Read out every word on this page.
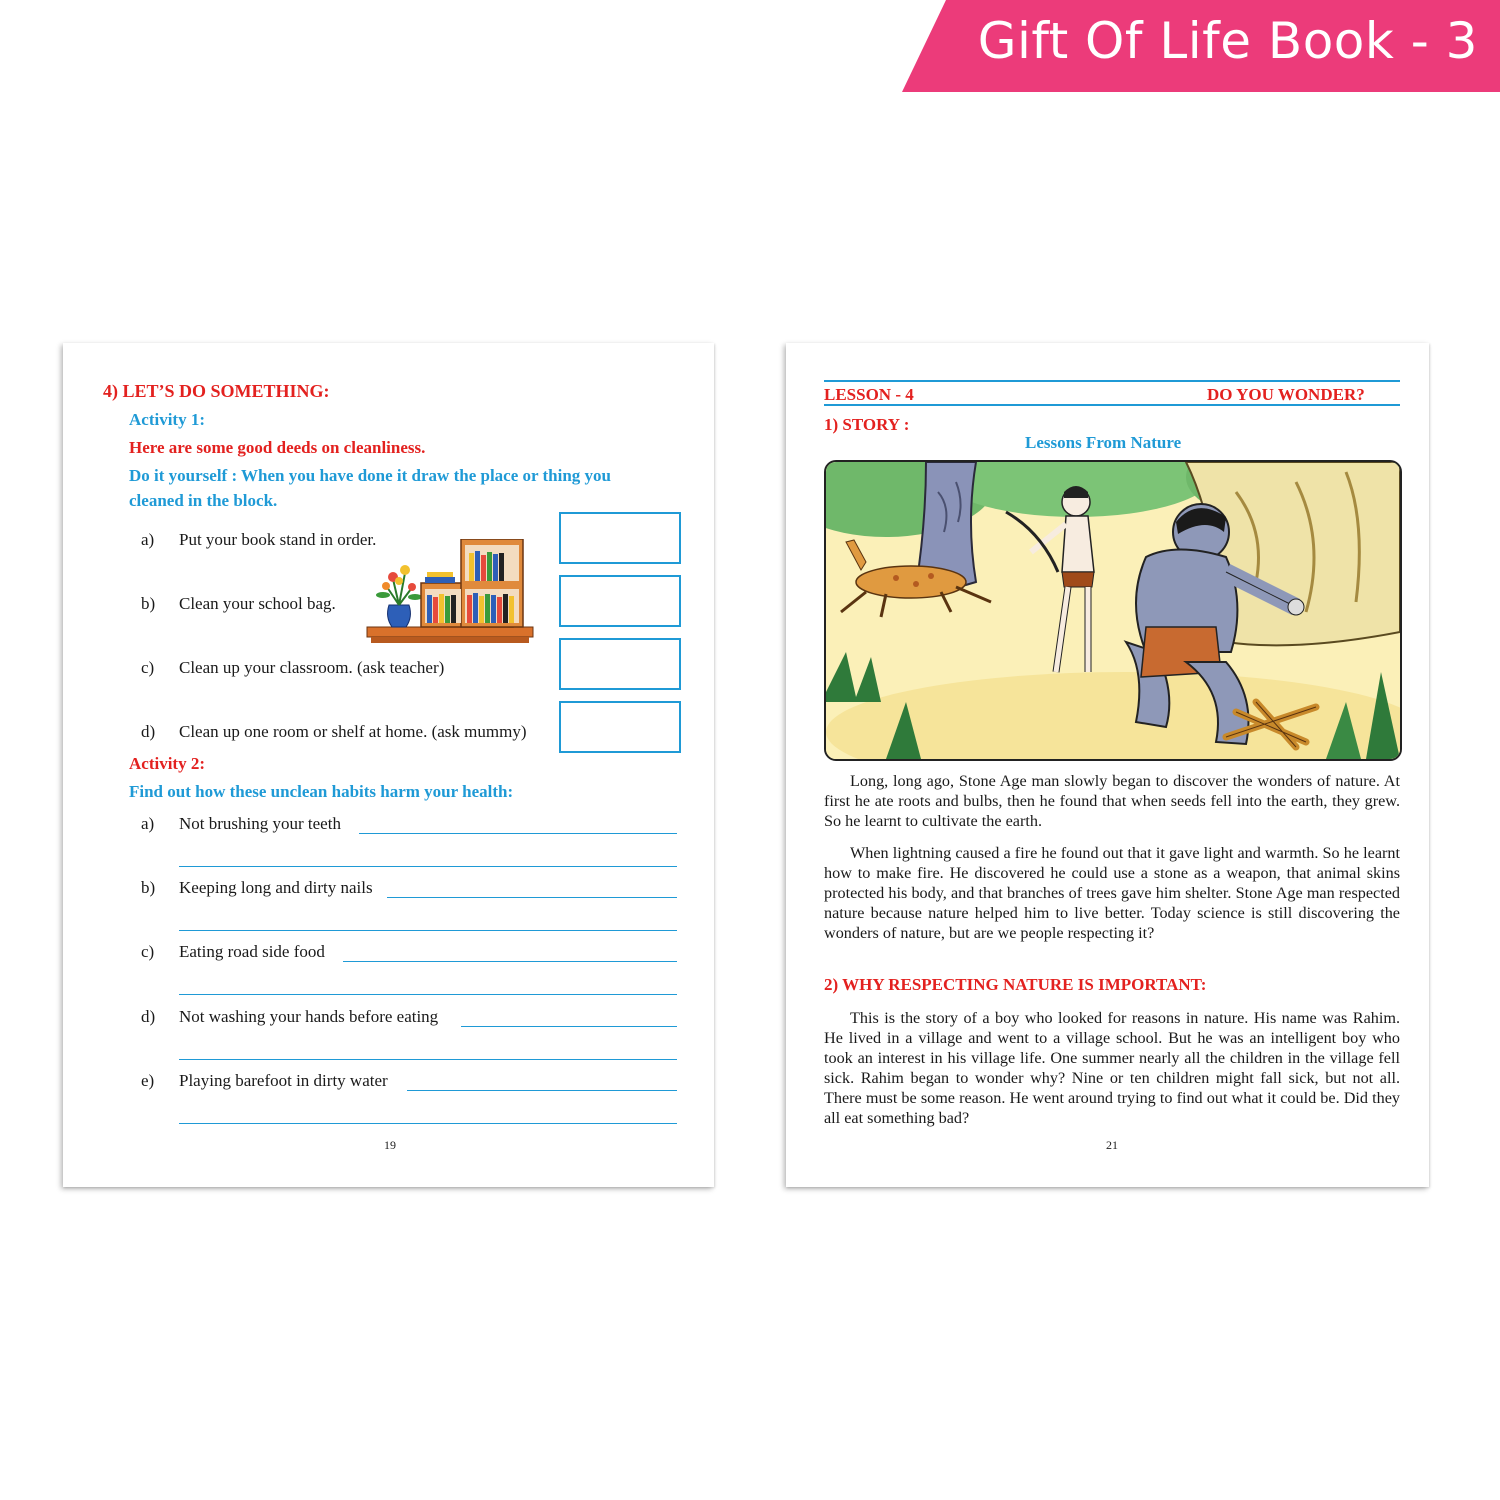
Gift Of Life Book - 3
4) LET’S DO SOMETHING:
Activity 1:
Here are some good deeds on cleanliness.
Do it yourself : When you have done it draw the place or thing you
cleaned in the block.
a) Put your book stand in order.
b) Clean your school bag.
c) Clean up your classroom. (ask teacher)
d) Clean up one room or shelf at home. (ask mummy)
Activity 2:
Find out how these unclean habits harm your health:
a) Not brushing your teeth
b) Keeping long and dirty nails
c) Eating road side food
d) Not washing your hands before eating
e) Playing barefoot in dirty water
19
LESSON - 4	DO YOU WONDER?
1) STORY :
Lessons From Nature
Long, long ago, Stone Age man slowly began to discover the wonders of nature. At first he ate roots and bulbs, then he found that when seeds fell into the earth, they grew. So he learnt to cultivate the earth.
When lightning caused a fire he found out that it gave light and warmth. So he learnt how to make fire. He discovered he could use a stone as a weapon, that animal skins protected his body, and that branches of trees gave him shelter. Stone Age man respected nature because nature helped him to live better. Today science is still discovering the wonders of nature, but are we people respecting it?
2) WHY RESPECTING NATURE IS IMPORTANT:
This is the story of a boy who looked for reasons in nature. His name was Rahim. He lived in a village and went to a village school. But he was an intelligent boy who took an interest in his village life. One summer nearly all the children in the village fell sick. Rahim began to wonder why? Nine or ten children might fall sick, but not all. There must be some reason. He went around trying to find out what it could be. Did they all eat something bad?
21
